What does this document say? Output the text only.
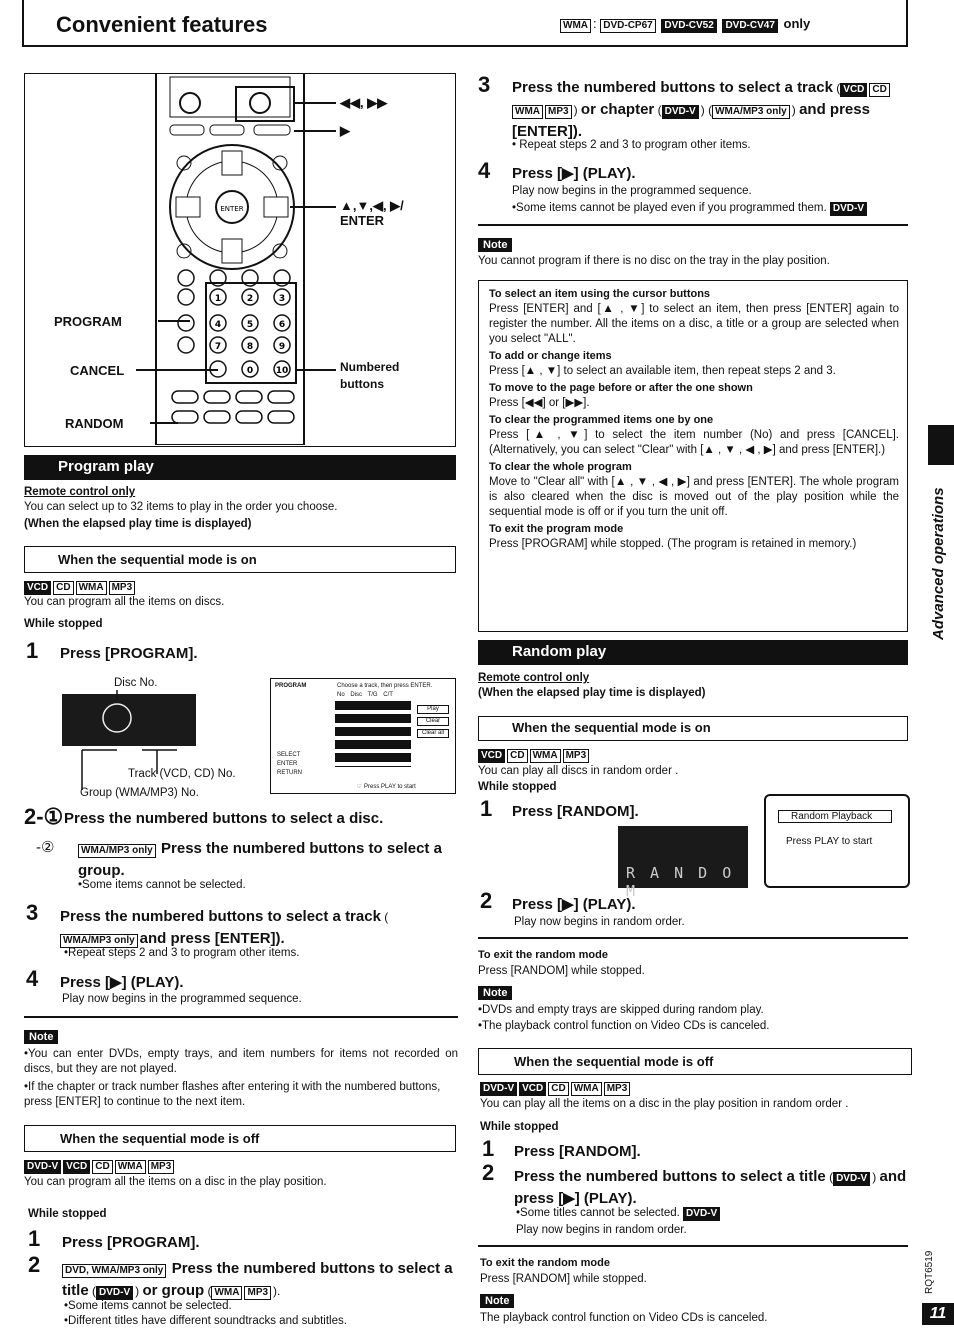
Convenient features	WMA : DVD-CP67 DVD-CV52 DVD-CV47 only
ENTER
1	2	3
4	5	6
7	8	9
0	10
◀◀, ▶▶
▶
▲,▼,◀, ▶/
ENTER
PROGRAM
CANCEL
RANDOM
Numbered
buttons
Program play
Remote control only
You can select up to 32 items to play in the order you choose.
(When the elapsed play time is displayed)
When the sequential mode is on
VCD CD WMA MP3
You can program all the items on discs.
While stopped
1 Press [PROGRAM].
Disc No.
Track (VCD, CD) No.
Group (WMA/MP3) No.
PROGRAM	Choose a track, then press ENTER.
No Disc T/G C/T
Play
Clear
Clear all
SELECT
ENTER
RETURN
☞ Press PLAY to start
2-① Press the numbered buttons to select a disc.
-②	WMA/MP3 only Press the numbered buttons to select a group.
•Some items cannot be selected.
3 Press the numbered buttons to select a track (WMA/MP3 only and press [ENTER]).
•Repeat steps 2 and 3 to program other items.
4 Press [▶] (PLAY).
Play now begins in the programmed sequence.
Note
•You can enter DVDs, empty trays, and item numbers for items not recorded on discs, but they are not played.
•If the chapter or track number flashes after entering it with the numbered buttons, press [ENTER] to continue to the next item.
When the sequential mode is off
DVD-V VCD CD WMA MP3
You can program all the items on a disc in the play position.
While stopped
1 Press [PROGRAM].
2	DVD, WMA/MP3 only Press the numbered buttons to select a title ( DVD-V ) or group ( WMA MP3 ).
•Some items cannot be selected.
•Different titles have different soundtracks and subtitles.
3 Press the numbered buttons to select a track ( VCD CDWMA MP3 ) or chapter ( DVD-V ) ( WMA/MP3 only ) and press [ENTER]).
• Repeat steps 2 and 3 to program other items.
4 Press [▶] (PLAY).
Play now begins in the programmed sequence.
•Some items cannot be played even if you programmed them. DVD-V
Note
You cannot program if there is no disc on the tray in the play position.
To select an item using the cursor buttons
Press [ENTER] and [▲ , ▼] to select an item, then press [ENTER] again to register the number. All the items on a disc, a title or a group are selected when you select "ALL".
To add or change items
Press [▲ , ▼] to select an available item, then repeat steps 2 and 3.
To move to the page before or after the one shown
Press [◀◀] or [▶▶].
To clear the programmed items one by one
Press [▲ , ▼] to select the item number (No) and press [CANCEL]. (Alternatively, you can select "Clear" with [▲ , ▼ , ◀ , ▶] and press [ENTER].)
To clear the whole program
Move to "Clear all" with [▲ , ▼ , ◀ , ▶] and press [ENTER]. The whole program is also cleared when the disc is moved out of the play position while the sequential mode is off or if you turn the unit off.
To exit the program mode
Press [PROGRAM] while stopped. (The program is retained in memory.)
Random play
Remote control only
(When the elapsed play time is displayed)
When the sequential mode is on
VCD CD WMA MP3
You can play all discs in random order .
While stopped
1 Press [RANDOM].
R A N D O M
Random Playback
Press PLAY to start
2 Press [▶] (PLAY).
Play now begins in random order.
To exit the random mode
Press [RANDOM] while stopped.
Note
•DVDs and empty trays are skipped during random play.
•The playback control function on Video CDs is canceled.
When the sequential mode is off
DVD-V VCD CD WMA MP3
You can play all the items on a disc in the play position in random order .
While stopped
1 Press [RANDOM].
2 Press the numbered buttons to select a title ( DVD-V ) and press [▶] (PLAY).
•Some titles cannot be selected. DVD-V
Play now begins in random order.
To exit the random mode
Press [RANDOM] while stopped.
Note
The playback control function on Video CDs is canceled.
Advanced operations
RQT6519
11
